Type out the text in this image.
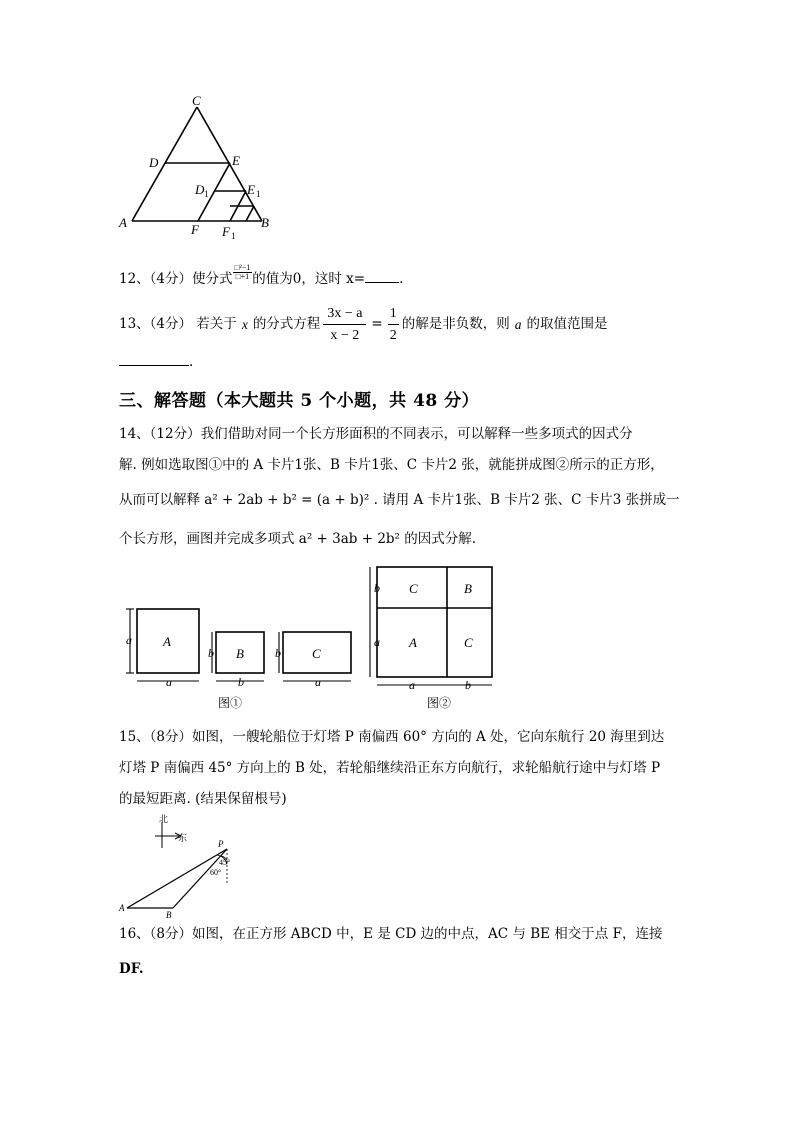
C
D	E
D 1	E 1
A	F F 1
B
12、（4分）使分式 $\frac{\text{□²−1}}{□+1}$ 的值为0，这时 x=	.
13、（4分） 若关于 x 的分式方程 $\frac{3x - a}{x - 2} = \frac{1}{2}$ 的解是非负数，则 a 的取值范围是
.
三、解答题（本大题共 5 个小题，共 48 分）
14、（12分）我们借助对同一个长方形面积的不同表示，可以解释一些多项式的因式分
解. 例如选取图①中的 A 卡片1张、B 卡片1张、C 卡片2 张，就能拼成图②所示的正方形，
从而可以解释 a² + 2ab + b² = (a + b)² . 请用 A 卡片1张、B 卡片2 张、C 卡片3 张拼成一
个长方形，画图并完成多项式 a² + 3ab + 2b² 的因式分解.
A
B	C
a
a
b
b
b
a
C	B
A	C
b
a
a	b
图①	图②
15、（8分）如图，一艘轮船位于灯塔 P 南偏西 60° 方向的 A 处，它向东航行 20 海里到达
灯塔 P 南偏西 45° 方向上的 B 处，若轮船继续沿正东方向航行，求轮船航行途中与灯塔 P
的最短距离. (结果保留根号)
北
东
P
45°
60°
A
B
16、（8分）如图，在正方形 ABCD 中，E 是 CD 边的中点，AC 与 BE 相交于点 F，连接
DF.
